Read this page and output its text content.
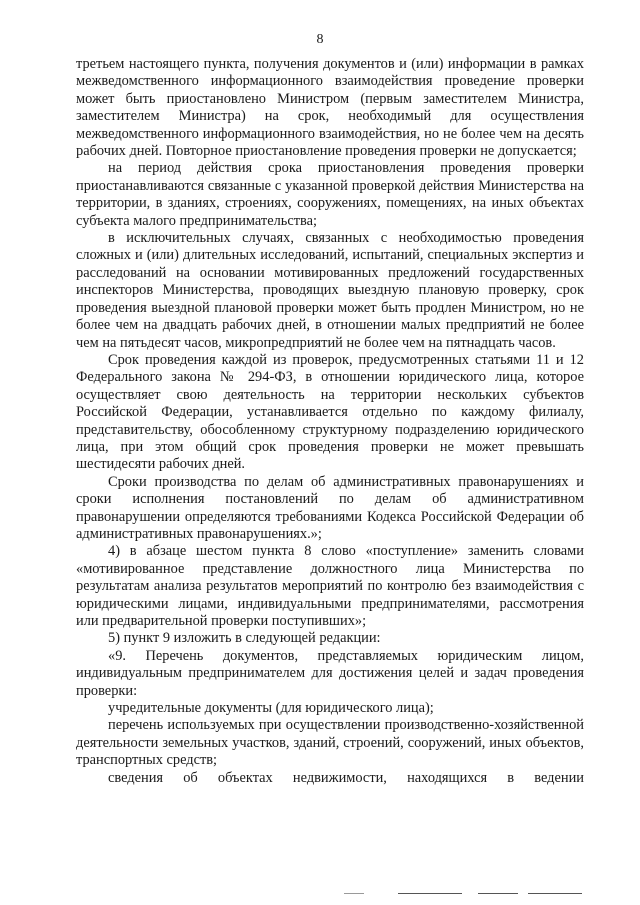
8

третьем настоящего пункта, получения документов и (или) информации в рамках межведомственного информационного взаимодействия проведение проверки может быть приостановлено Министром (первым заместителем Министра, заместителем Министра) на срок, необходимый для осуществления межведомственного информационного взаимодействия, но не более чем на десять рабочих дней. Повторное приостановление проведения проверки не допускается;

на период действия срока приостановления проведения проверки приостанавливаются связанные с указанной проверкой действия Министерства на территории, в зданиях, строениях, сооружениях, помещениях, на иных объектах субъекта малого предпринимательства;

в исключительных случаях, связанных с необходимостью проведения сложных и (или) длительных исследований, испытаний, специальных экспертиз и расследований на основании мотивированных предложений государственных инспекторов Министерства, проводящих выездную плановую проверку, срок проведения выездной плановой проверки может быть продлен Министром, но не более чем на двадцать рабочих дней, в отношении малых предприятий не более чем на пятьдесят часов, микропредприятий не более чем на пятнадцать часов.

Срок проведения каждой из проверок, предусмотренных статьями 11 и 12 Федерального закона № 294-ФЗ, в отношении юридического лица, которое осуществляет свою деятельность на территории нескольких субъектов Российской Федерации, устанавливается отдельно по каждому филиалу, представительству, обособленному структурному подразделению юридического лица, при этом общий срок проведения проверки не может превышать шестидесяти рабочих дней.

Сроки производства по делам об административных правонарушениях и сроки исполнения постановлений по делам об административном правонарушении определяются требованиями Кодекса Российской Федерации об административных правонарушениях.»;

4) в абзаце шестом пункта 8 слово «поступление» заменить словами «мотивированное представление должностного лица Министерства по результатам анализа результатов мероприятий по контролю без взаимодействия с юридическими лицами, индивидуальными предпринимателями, рассмотрения или предварительной проверки поступивших»;

5) пункт 9 изложить в следующей редакции:

«9. Перечень документов, представляемых юридическим лицом, индивидуальным предпринимателем для достижения целей и задач проведения проверки:

учредительные документы (для юридического лица);

перечень используемых при осуществлении производственно-хозяйственной деятельности земельных участков, зданий, строений, сооружений, иных объектов, транспортных средств;

сведения об объектах недвижимости, находящихся в ведении
